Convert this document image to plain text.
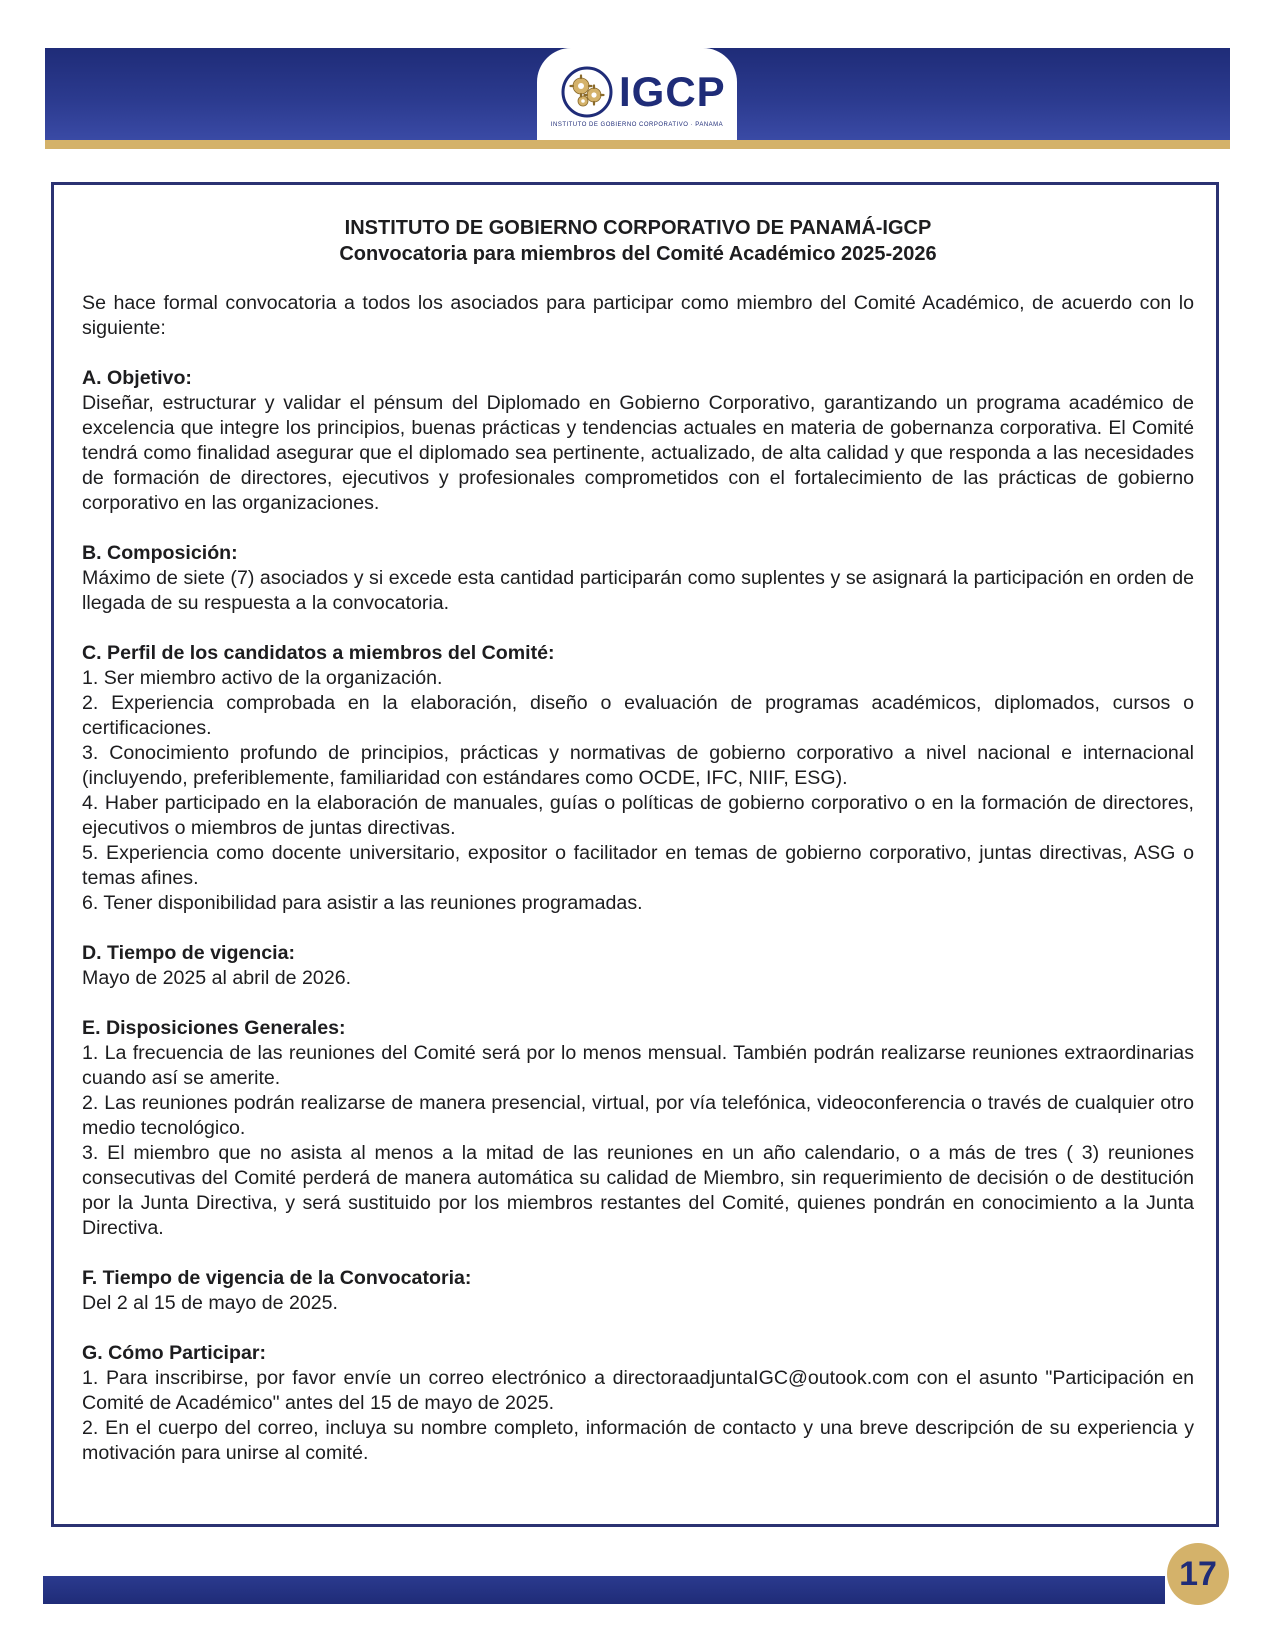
IGCP
INSTITUTO DE GOBIERNO CORPORATIVO · PANAMA
INSTITUTO DE GOBIERNO CORPORATIVO DE PANAMÁ-IGCP
Convocatoria para miembros del Comité Académico 2025-2026

Se hace formal convocatoria a todos los asociados para participar como miembro del Comité Académico, de acuerdo con lo siguiente:

A. Objetivo:

Diseñar, estructurar y validar el pénsum del Diplomado en Gobierno Corporativo, garantizando un programa académico de excelencia que integre los principios, buenas prácticas y tendencias actuales en materia de gobernanza corporativa. El Comité tendrá como finalidad asegurar que el diplomado sea pertinente, actualizado, de alta calidad y que responda a las necesidades de formación de directores, ejecutivos y profesionales comprometidos con el fortalecimiento de las prácticas de gobierno corporativo en las organizaciones.

B. Composición:

Máximo de siete (7) asociados y si excede esta cantidad participarán como suplentes y se asignará la participación en orden de llegada de su respuesta a la convocatoria.

C. Perfil de los candidatos a miembros del Comité:

1. Ser miembro activo de la organización.

2. Experiencia comprobada en la elaboración, diseño o evaluación de programas académicos, diplomados, cursos o certificaciones.

3. Conocimiento profundo de principios, prácticas y normativas de gobierno corporativo a nivel nacional e internacional (incluyendo, preferiblemente, familiaridad con estándares como OCDE, IFC, NIIF, ESG).

4. Haber participado en la elaboración de manuales, guías o políticas de gobierno corporativo o en la formación de directores, ejecutivos o miembros de juntas directivas.

5. Experiencia como docente universitario, expositor o facilitador en temas de gobierno corporativo, juntas directivas, ASG o temas afines.

6. Tener disponibilidad para asistir a las reuniones programadas.

D. Tiempo de vigencia:

Mayo de 2025 al abril de 2026.

E. Disposiciones Generales:

1. La frecuencia de las reuniones del Comité será por lo menos mensual. También podrán realizarse reuniones extraordinarias cuando así se amerite.

2. Las reuniones podrán realizarse de manera presencial, virtual, por vía telefónica, videoconferencia o través de cualquier otro medio tecnológico.

3. El miembro que no asista al menos a la mitad de las reuniones en un año calendario, o a más de tres ( 3) reuniones consecutivas del Comité perderá de manera automática su calidad de Miembro, sin requerimiento de decisión o de destitución por la Junta Directiva, y será sustituido por los miembros restantes del Comité, quienes pondrán en conocimiento a la Junta Directiva.

F. Tiempo de vigencia de la Convocatoria:

Del 2 al 15 de mayo de 2025.

G. Cómo Participar:

1. Para inscribirse, por favor envíe un correo electrónico a directoraadjuntaIGC@outook.com con el asunto "Participación en Comité de Académico" antes del 15 de mayo de 2025.

2. En el cuerpo del correo, incluya su nombre completo, información de contacto y una breve descripción de su experiencia y motivación para unirse al comité.

17
